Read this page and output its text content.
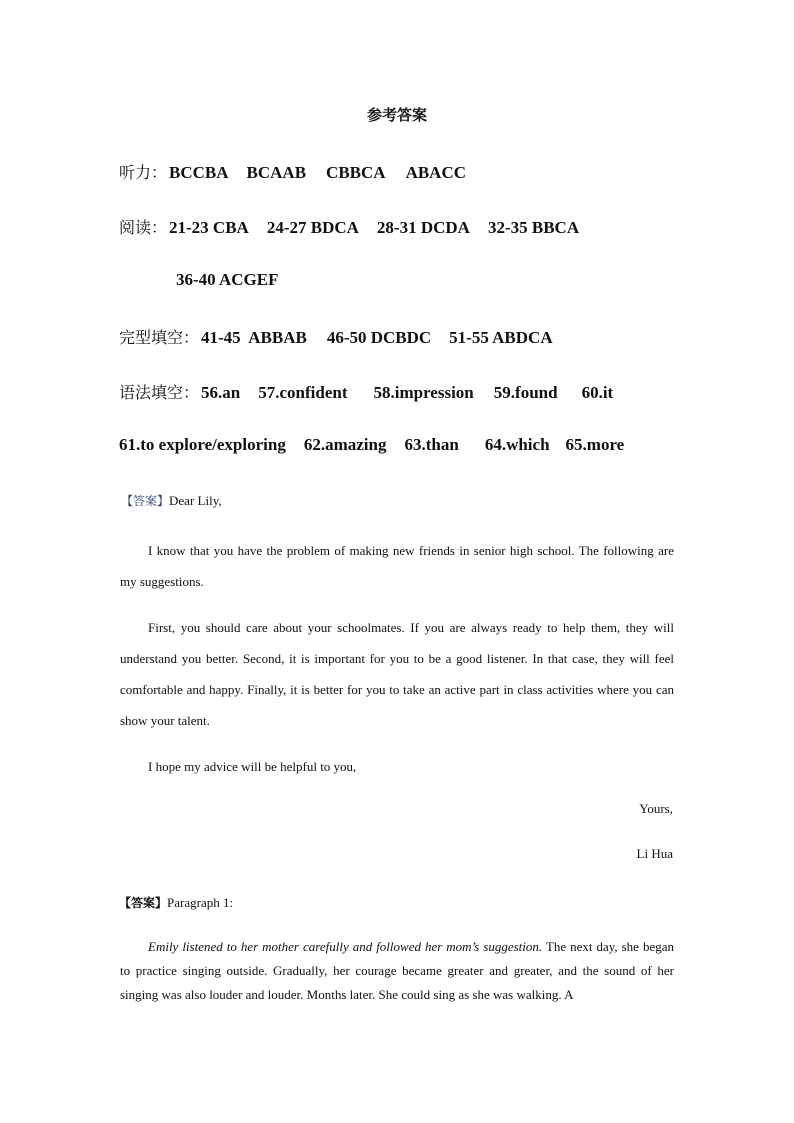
参考答案
听力： BCCBA BCAAB CBBCA ABACC
阅读： 21-23 CBA 24-27 BDCA 28-31 DCDA 32-35 BBCA
36-40 ACGEF
完型填空： 41-45  ABBAB 46-50 DCBDC 51-55 ABDCA
语法填空： 56.an 57.confident 58.impression 59.found 60.it
61.to explore/exploring 62.amazing 63.than 64.which 65.more
【答案】Dear Lily,
I know that you have the problem of making new friends in senior high school. The following are my suggestions.
First, you should care about your schoolmates. If you are always ready to help them, they will understand you better. Second, it is important for you to be a good listener. In that case, they will feel comfortable and happy. Finally, it is better for you to take an active part in class activities where you can show your talent.
I hope my advice will be helpful to you,
Yours,
Li Hua
【答案】Paragraph 1:
Emily listened to her mother carefully and followed her mom’s suggestion. The next day, she began to practice singing outside. Gradually, her courage became greater and greater, and the sound of her singing was also louder and louder. Months later. She could sing as she was walking. A
